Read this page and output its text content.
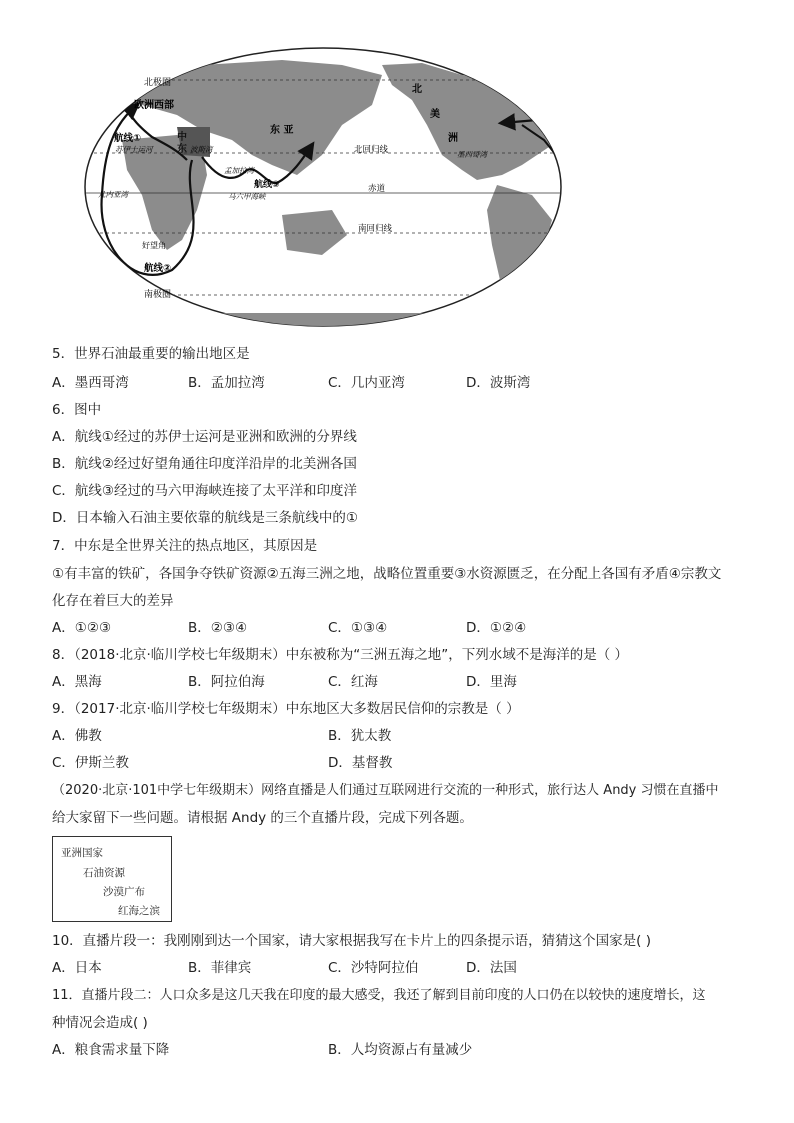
北极圈
欧洲西部
北
美
洲
中
东
东 亚
航线①
苏伊士运河	波斯湾
孟加拉湾
马六甲海峡
航线③
北回归线	墨西哥湾
几内亚湾
赤道
南回归线
好望角
航线②
南极圈
5．世界石油最重要的输出地区是
A．墨西哥湾	B．孟加拉湾	C．几内亚湾	D．波斯湾
6．图中
A．航线①经过的苏伊士运河是亚洲和欧洲的分界线
B．航线②经过好望角通往印度洋沿岸的北美洲各国
C．航线③经过的马六甲海峡连接了太平洋和印度洋
D．日本输入石油主要依靠的航线是三条航线中的①
7．中东是全世界关注的热点地区，其原因是
①有丰富的铁矿，各国争夺铁矿资源②五海三洲之地，战略位置重要③水资源匮乏，在分配上各国有矛盾④宗教文
化存在着巨大的差异
A．①②③	B．②③④	C．①③④	D．①②④
8．（2018·北京·临川学校七年级期末）中东被称为“三洲五海之地”，下列水域不是海洋的是（ ）
A．黑海	B．阿拉伯海	C．红海	D．里海
9．（2017·北京·临川学校七年级期末）中东地区大多数居民信仰的宗教是（ ）
A．佛教	B．犹太教
C．伊斯兰教	D．基督教
（2020·北京·101中学七年级期末）网络直播是人们通过互联网进行交流的一种形式，旅行达人 Andy 习惯在直播中
给大家留下一些问题。请根据 Andy 的三个直播片段，完成下列各题。
亚洲国家
石油资源
沙漠广布
红海之滨
10．直播片段一：我刚刚到达一个国家，请大家根据我写在卡片上的四条提示语，猜猜这个国家是( )
A．日本	B．菲律宾	C．沙特阿拉伯	D．法国
11．直播片段二：人口众多是这几天我在印度的最大感受，我还了解到目前印度的人口仍在以较快的速度增长，这
种情况会造成( )
A．粮食需求量下降	B．人均资源占有量减少
